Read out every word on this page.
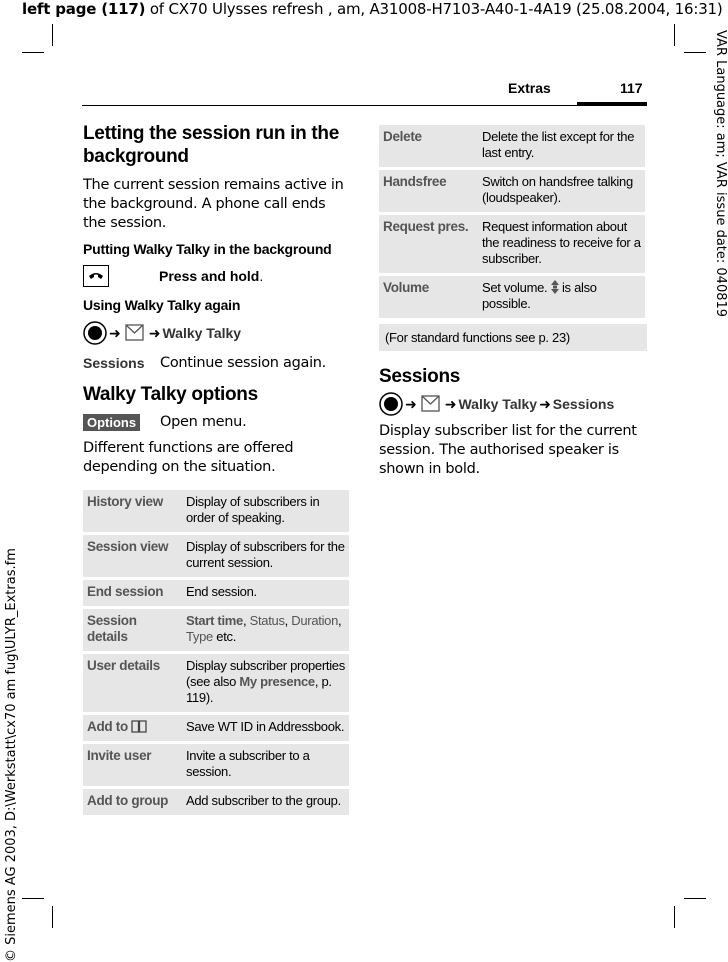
left page (117) of CX70 Ulysses refresh , am, A31008-H7103-A40-1-4A19 (25.08.2004, 16:31)
VAR Language: am; VAR issue date: 040819
© Siemens AG 2003, D:\Werkstatt\cx70 am fug\ULYR_Extras.fm
Extras	117
Letting the session run in the background

The current session remains active in the background. A phone call ends the session.

Putting Walky Talky in the background
Press and hold.
Using Walky Talky again
➜ ➜ Walky Talky
Sessions	Continue session again.
Walky Talky options
Options	Open menu.

Different functions are offered depending on the situation.

History view	Display of subscribers in order of speaking.
Session view	Display of subscribers for the current session.
End session	End session.
Session details	Start time, Status, Duration, Type etc.
User details	Display subscriber properties (see also My presence, p. 119).
Add to	Save WT ID in Addressbook.
Invite user	Invite a subscriber to a session.
Add to group	Add subscriber to the group.
Delete	Delete the list except for the last entry.
Handsfree	Switch on handsfree talking (loudspeaker).
Request pres.	Request information about the readiness to receive for a subscriber.
Volume	Set volume.  is also possible.
(For standard functions see p. 23)
Sessions
➜ ➜ Walky Talky ➜ Sessions

Display subscriber list for the current session. The authorised speaker is shown in bold.
